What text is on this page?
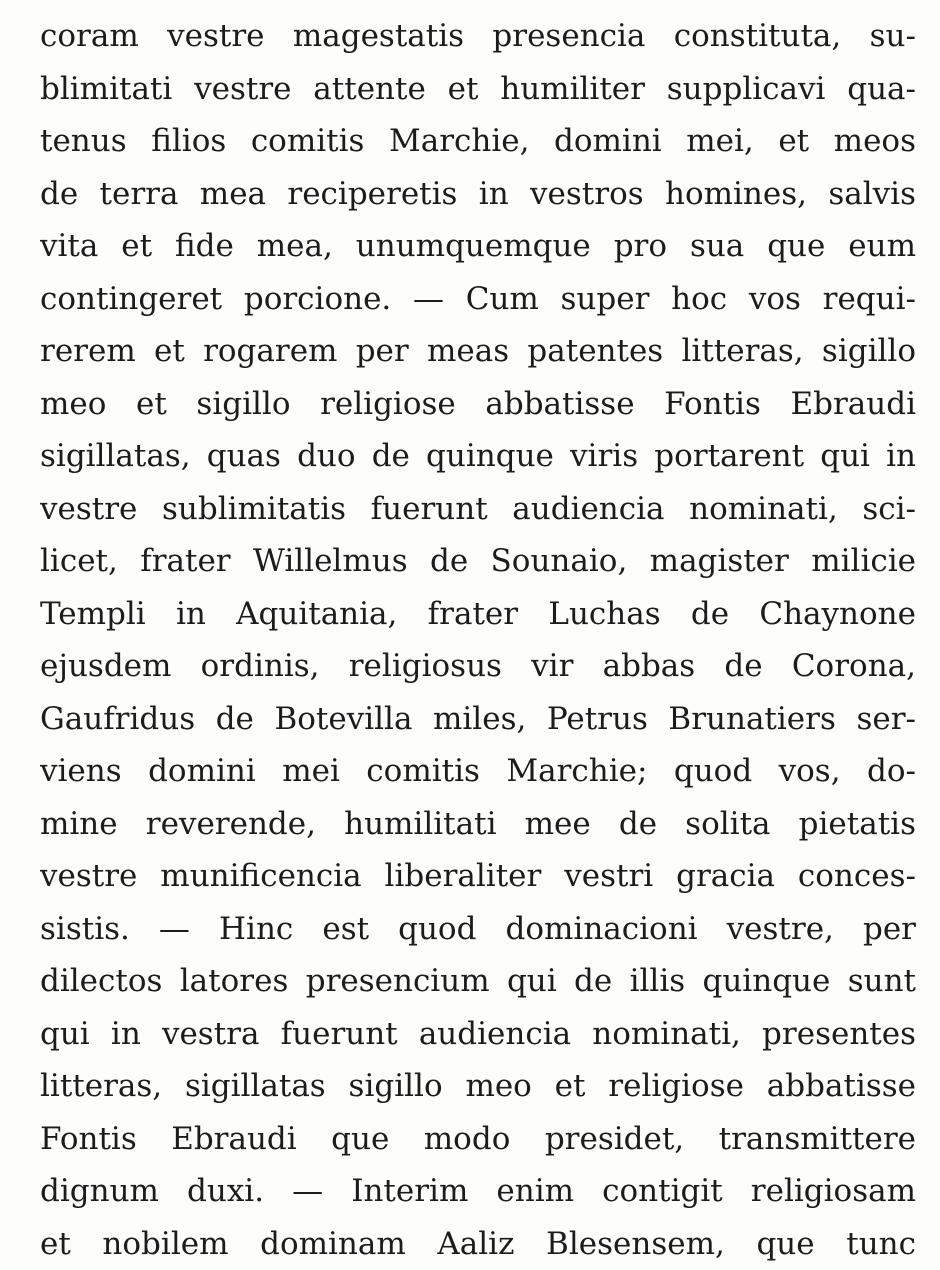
coram vestre magestatis presencia constituta, su-
blimitati vestre attente et humiliter supplicavi qua-
tenus filios comitis Marchie, domini mei, et meos
de terra mea reciperetis in vestros homines, salvis
vita et fide mea, unumquemque pro sua que eum
contingeret porcione. — Cum super hoc vos requi-
rerem et rogarem per meas patentes litteras, sigillo
meo et sigillo religiose abbatisse Fontis Ebraudi
sigillatas, quas duo de quinque viris portarent qui in
vestre sublimitatis fuerunt audiencia nominati, sci-
licet, frater Willelmus de Sounaio, magister milicie
Templi in Aquitania, frater Luchas de Chaynone
ejusdem ordinis, religiosus vir abbas de Corona,
Gaufridus de Botevilla miles, Petrus Brunatiers ser-
viens domini mei comitis Marchie; quod vos, do-
mine reverende, humilitati mee de solita pietatis
vestre munificencia liberaliter vestri gracia conces-
sistis. — Hinc est quod dominacioni vestre, per
dilectos latores presencium qui de illis quinque sunt
qui in vestra fuerunt audiencia nominati, presentes
litteras, sigillatas sigillo meo et religiose abbatisse
Fontis Ebraudi que modo presidet, transmittere
dignum duxi. — Interim enim contigit religiosam
et nobilem dominam Aaliz Blesensem, que tunc
